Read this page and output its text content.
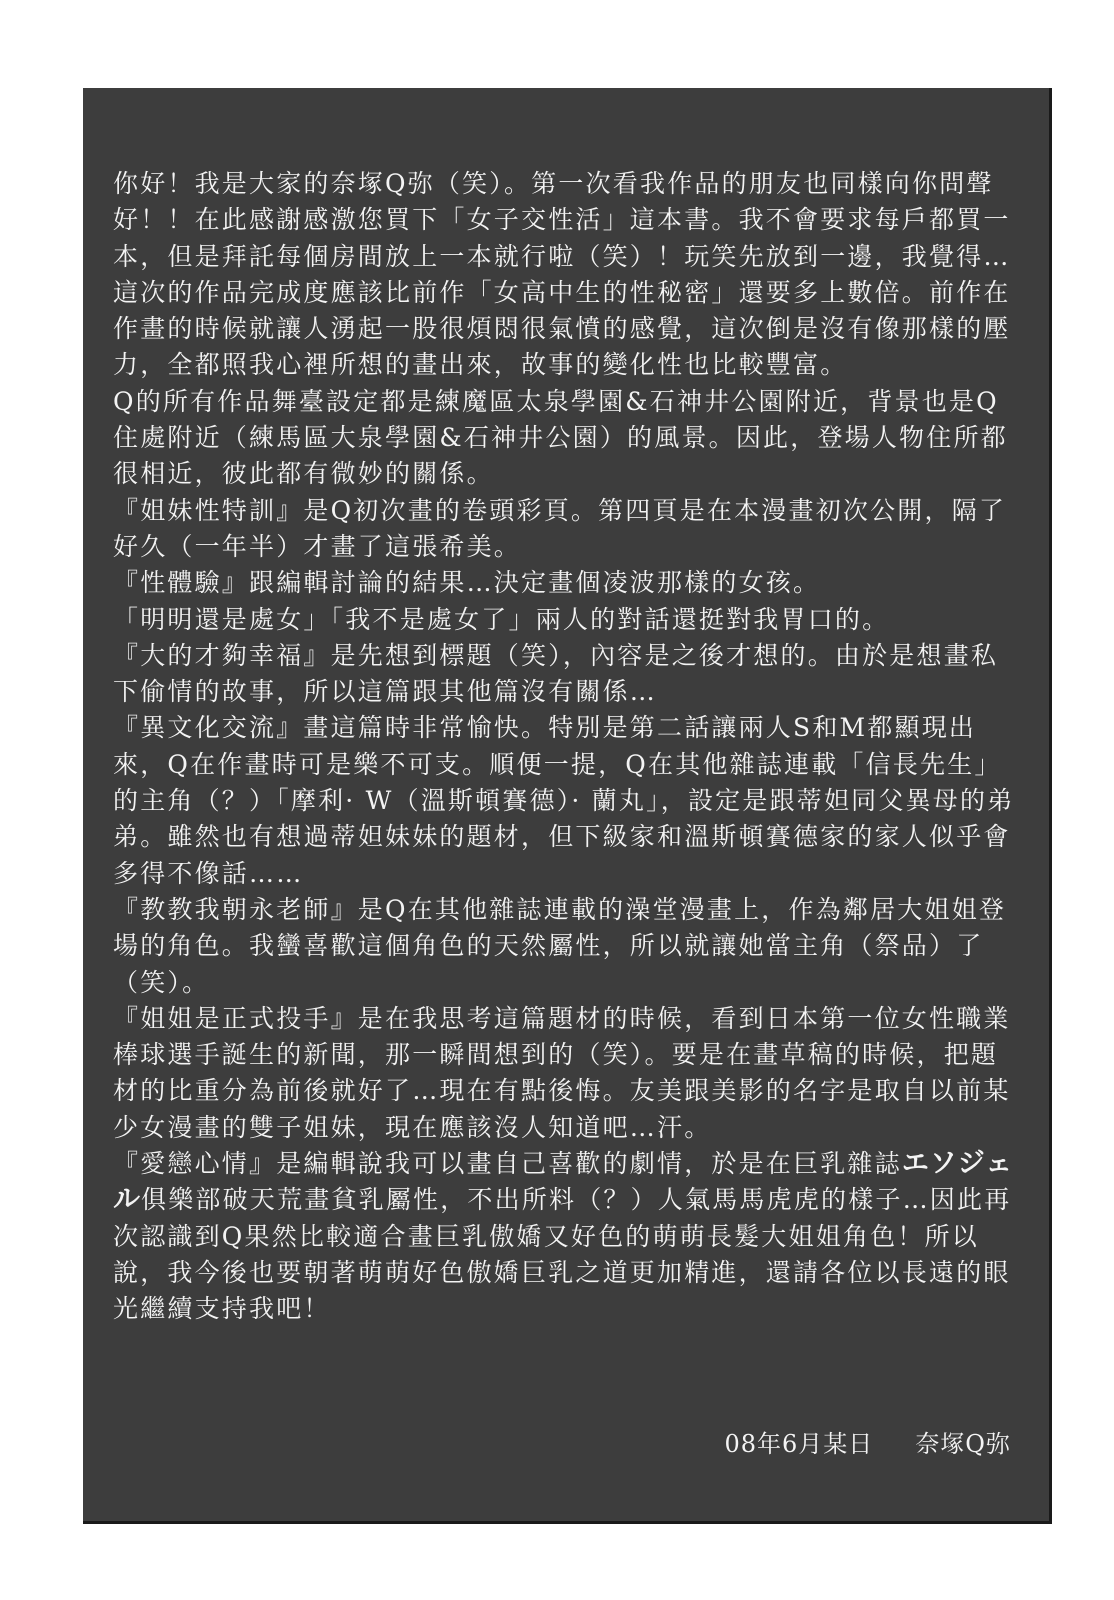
你好！我是大家的奈塚Q弥（笑）。第一次看我作品的朋友也同樣向你問聲好！！在此感謝感激您買下「女子交性活」這本書。我不會要求每戶都買一本，但是拜託每個房間放上一本就行啦（笑）！玩笑先放到一邊，我覺得…這次的作品完成度應該比前作「女高中生的性秘密」還要多上數倍。前作在作畫的時候就讓人湧起一股很煩悶很氣憤的感覺，這次倒是沒有像那樣的壓力，全都照我心裡所想的畫出來，故事的變化性也比較豐富。

Q的所有作品舞臺設定都是練魔區太泉學園&石神井公園附近，背景也是Q住處附近（練馬區大泉學園&石神井公園）的風景。因此，登場人物住所都很相近，彼此都有微妙的關係。

『姐妹性特訓』是Q初次畫的卷頭彩頁。第四頁是在本漫畫初次公開，隔了好久（一年半）才畫了這張希美。

『性體驗』跟編輯討論的結果…決定畫個凌波那樣的女孩。

「明明還是處女」「我不是處女了」兩人的對話還挺對我胃口的。

『大的才夠幸福』是先想到標題（笑），內容是之後才想的。由於是想畫私下偷情的故事，所以這篇跟其他篇沒有關係…

『異文化交流』畫這篇時非常愉快。特別是第二話讓兩人S和M都顯現出來，Q在作畫時可是樂不可支。順便一提，Q在其他雜誌連載「信長先生」的主角（？）「摩利· W（溫斯頓賽德）· 蘭丸」，設定是跟蒂妲同父異母的弟弟。雖然也有想過蒂妲妹妹的題材，但下級家和溫斯頓賽德家的家人似乎會多得不像話……

『教教我朝永老師』是Q在其他雜誌連載的澡堂漫畫上，作為鄰居大姐姐登場的角色。我蠻喜歡這個角色的天然屬性，所以就讓她當主角（祭品）了（笑）。

『姐姐是正式投手』是在我思考這篇題材的時候，看到日本第一位女性職業棒球選手誕生的新聞，那一瞬間想到的（笑）。要是在畫草稿的時候，把題材的比重分為前後就好了…現在有點後悔。友美跟美影的名字是取自以前某少女漫畫的雙子姐妹，現在應該沒人知道吧…汗。

『愛戀心情』是編輯說我可以畫自己喜歡的劇情，於是在巨乳雜誌エソジェル俱樂部破天荒畫貧乳屬性，不出所料（？）人氣馬馬虎虎的樣子…因此再次認識到Q果然比較適合畫巨乳傲嬌又好色的萌萌長髮大姐姐角色！所以說，我今後也要朝著萌萌好色傲嬌巨乳之道更加精進，還請各位以長遠的眼光繼續支持我吧！

08年6月某日 奈塚Q弥
